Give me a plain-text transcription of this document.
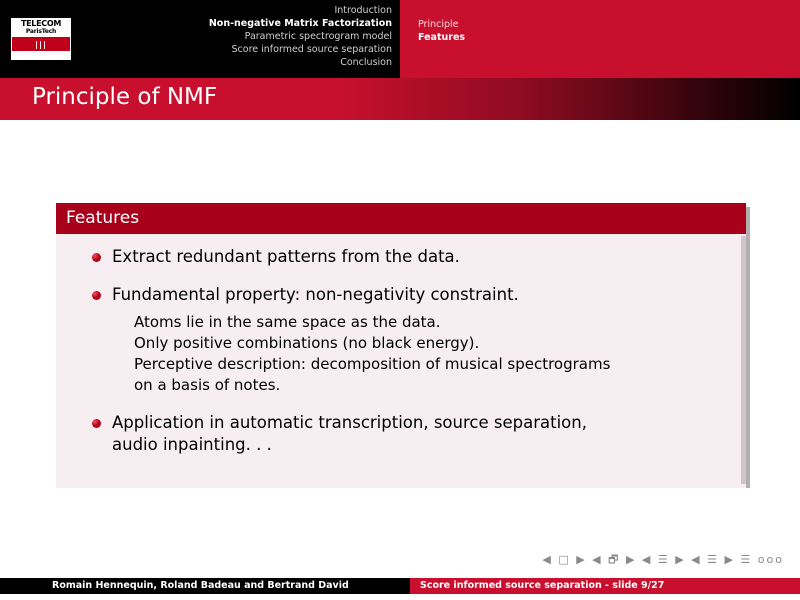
TELECOM
ParisTech
|||
Introduction
Non-negative Matrix Factorization
Parametric spectrogram model
Score informed source separation
Conclusion
Principle
Features
Principle of NMF
Features
Extract redundant patterns from the data.
Fundamental property: non-negativity constraint.
Atoms lie in the same space as the data.
Only positive combinations (no black energy).
Perceptive description: decomposition of musical spectrograms
on a basis of notes.
Application in automatic transcription, source separation,
audio inpainting. . .
◀ □ ▶ ◀ 🗗 ▶ ◀ ☰ ▶ ◀ ☰ ▶ ☰ ᴏᴏᴏ
Romain Hennequin, Roland Badeau and Bertrand David	Score informed source separation - slide 9/27
